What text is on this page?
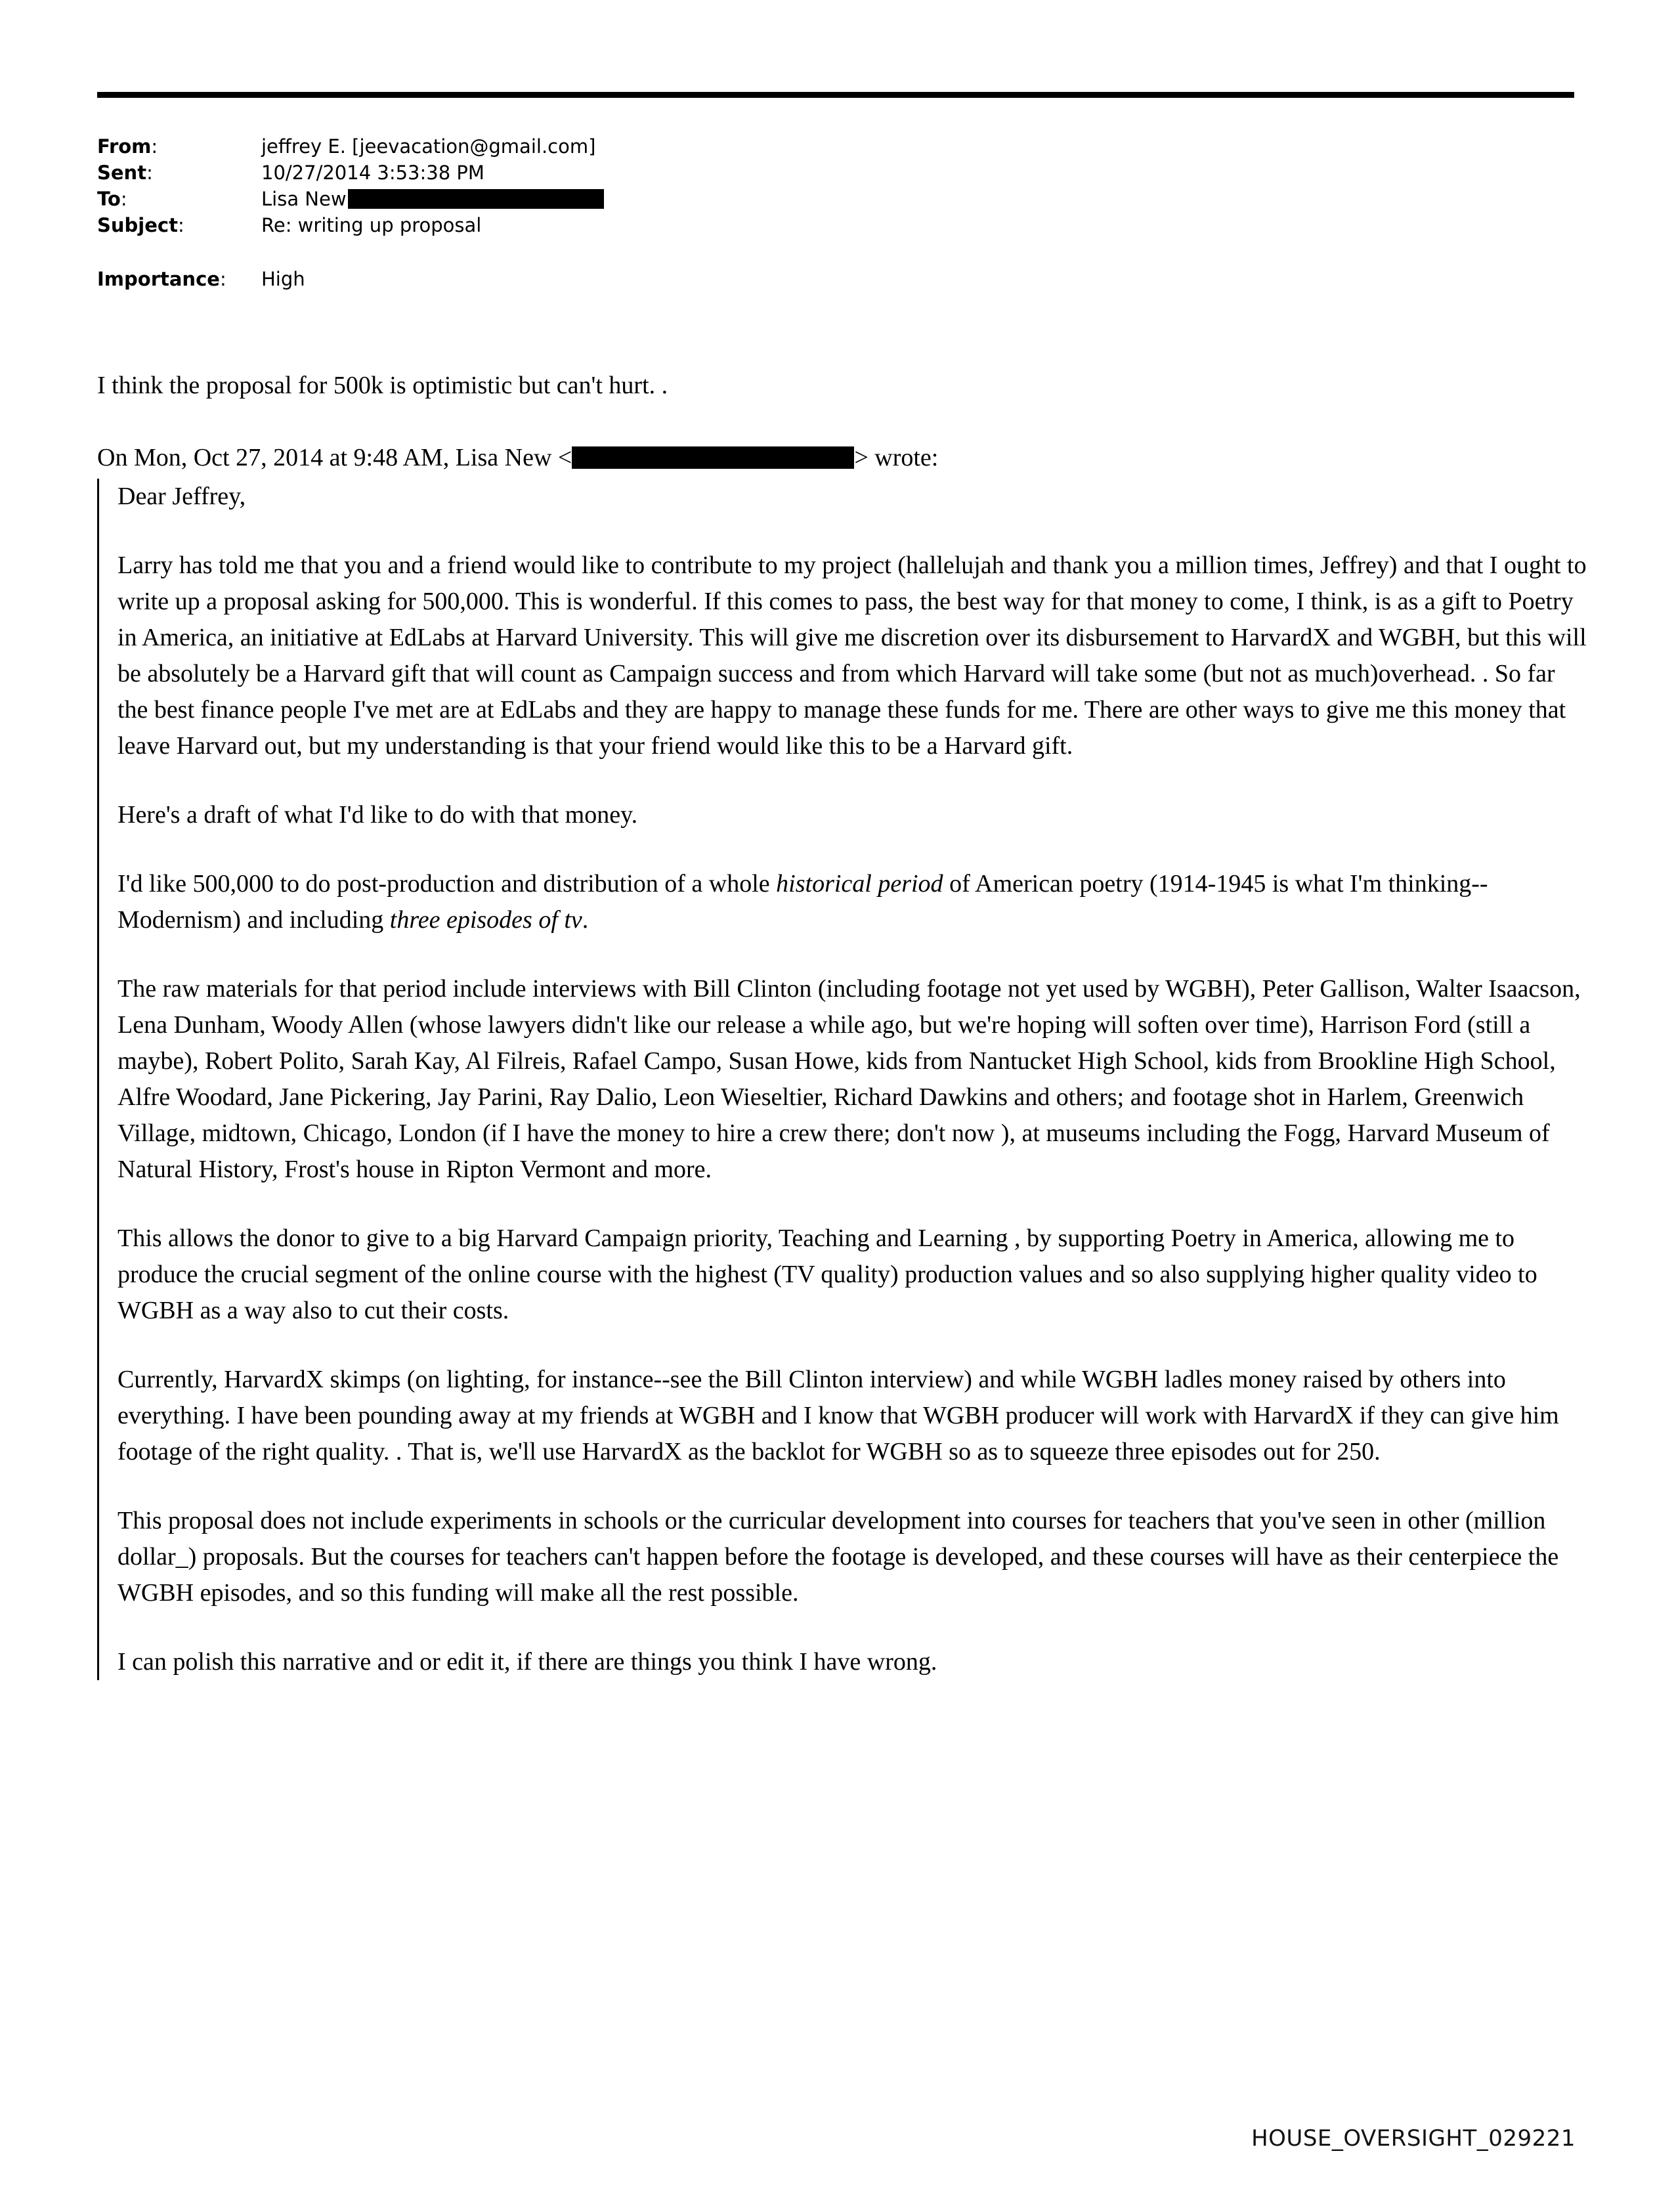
From:	jeffrey E. [jeevacation@gmail.com]
Sent:	10/27/2014 3:53:38 PM
To:	Lisa New
Subject:	Re: writing up proposal
Importance:	High

I think the proposal for 500k is optimistic but can't hurt. .

On Mon, Oct 27, 2014 at 9:48 AM, Lisa New <	> wrote:

Dear Jeffrey,

Larry has told me that you and a friend would like to contribute to my project (hallelujah and thank you a million times, Jeffrey) and that I ought to write up a proposal asking for 500,000. This is wonderful. If this comes to pass, the best way for that money to come, I think, is as a gift to Poetry in America, an initiative at EdLabs at Harvard University. This will give me discretion over its disbursement to HarvardX and WGBH, but this will be absolutely be a Harvard gift that will count as Campaign success and from which Harvard will take some (but not as much)overhead. . So far the best finance people I've met are at EdLabs and they are happy to manage these funds for me. There are other ways to give me this money that leave Harvard out, but my understanding is that your friend would like this to be a Harvard gift.

Here's a draft of what I'd like to do with that money.

I'd like 500,000 to do post-production and distribution of a whole historical period of American poetry (1914-1945 is what I'm thinking--Modernism) and including three episodes of tv.

The raw materials for that period include interviews with Bill Clinton (including footage not yet used by WGBH), Peter Gallison, Walter Isaacson, Lena Dunham, Woody Allen (whose lawyers didn't like our release a while ago, but we're hoping will soften over time), Harrison Ford (still a maybe), Robert Polito, Sarah Kay, Al Filreis, Rafael Campo, Susan Howe, kids from Nantucket High School, kids from Brookline High School, Alfre Woodard, Jane Pickering, Jay Parini, Ray Dalio, Leon Wieseltier, Richard Dawkins and others; and footage shot in Harlem, Greenwich Village, midtown, Chicago, London (if I have the money to hire a crew there; don't now ), at museums including the Fogg, Harvard Museum of Natural History, Frost's house in Ripton Vermont and more.

This allows the donor to give to a big Harvard Campaign priority, Teaching and Learning , by supporting Poetry in America, allowing me to produce the crucial segment of the online course with the highest (TV quality) production values and so also supplying higher quality video to WGBH as a way also to cut their costs.

Currently, HarvardX skimps (on lighting, for instance--see the Bill Clinton interview) and while WGBH ladles money raised by others into everything. I have been pounding away at my friends at WGBH and I know that WGBH producer will work with HarvardX if they can give him footage of the right quality. . That is, we'll use HarvardX as the backlot for WGBH so as to squeeze three episodes out for 250.

This proposal does not include experiments in schools or the curricular development into courses for teachers that you've seen in other (million dollar_) proposals. But the courses for teachers can't happen before the footage is developed, and these courses will have as their centerpiece the WGBH episodes, and so this funding will make all the rest possible.

I can polish this narrative and or edit it, if there are things you think I have wrong.

HOUSE_OVERSIGHT_029221
